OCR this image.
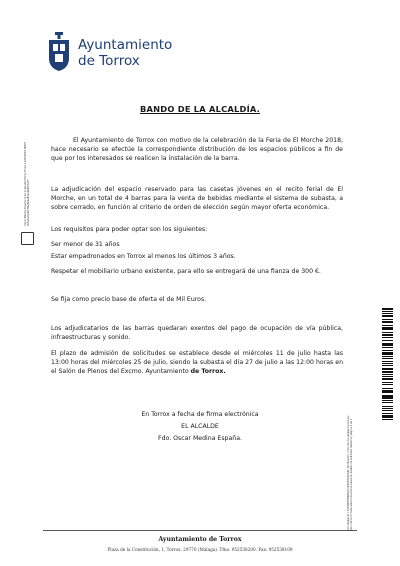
Ayuntamiento
de Torrox
BANDO DE LA ALCALDÍA.
El Ayuntamiento de Torrox con motivo de la celebración de la Feria de El Morche 2018, hace necesario se efectúe la correspondiente distribución de los espacios públicos a fin de que por los interesados se realicen la instalación de la barra.
La adjudicación del espacio reservado para las casetas jóvenes en el recito ferial de El Morche, en un total de 4 barras para la venta de bebidas mediante el sistema de subasta, a sobre cerrado, en función al criterio de orden de elección según mayor oferta económica.
Los requisitos para poder optar son los siguientes:
Ser menor de 31 años
Estar empadronados en Torrox al menos los últimos 3 años.
Respetar el mobiliario urbano existente, para ello se entregará de una fianza de 300 €.
Se fija como precio base de oferta el de Mil Euros.
Los adjudicatarios de las barras quedaran exentos del pago de ocupación de vía pública, infraestructuras y sonido.
El plazo de admisión de solicitudes se establece desde el miércoles 11 de julio hasta las 13:00 horas del miércoles 25 de julio, siendo la subasta el día 27 de julio a las 12:00 horas en el Salón de Plenos del Excmo. Ayuntamiento de Torrox.
En Torrox a fecha de firma electrónica
EL ALCALDE
Fdo. Oscar Medina España.
Oscar Medina España (1 de 1) Alcalde Fecha Firma: 11/07/2018 HASH: 3d5a1e7ab0c7f4e9d2a8b1c6e0f53a77
Cód. Validación: 4XSYPE7HMAKN2CQHPL9TN4KQM | Verificación: http://torrox.sedelectronica.es/ Documento firmado electrónicamente desde la plataforma esPublico Gestiona | Página 1 de 1
Ayuntamiento de Torrox
Plaza de la Constitución, 1, Torrox. 29770 (Málaga). Tfno. 952538200. Fax: 952538109
